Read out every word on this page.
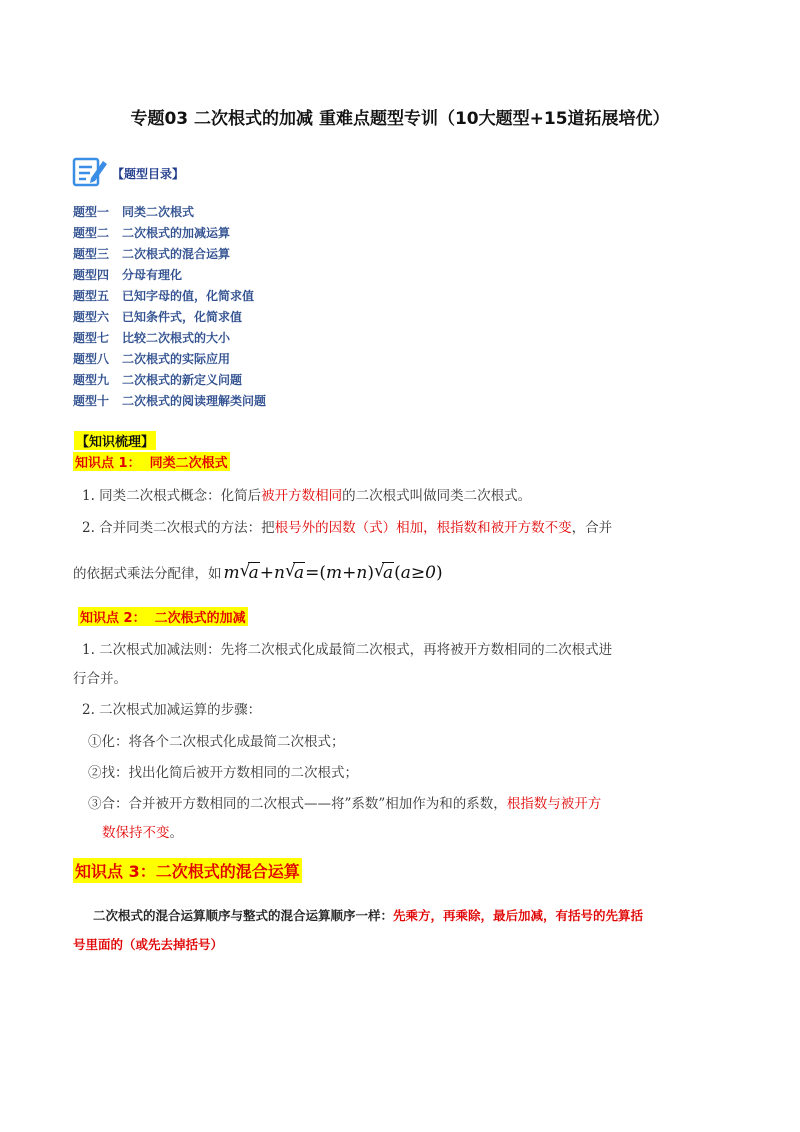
专题03 二次根式的加减 重难点题型专训（10大题型+15道拓展培优）
【题型目录】
题型一 同类二次根式
题型二 二次根式的加减运算
题型三 二次根式的混合运算
题型四 分母有理化
题型五 已知字母的值，化简求值
题型六 已知条件式，化简求值
题型七 比较二次根式的大小
题型八 二次根式的实际应用
题型九 二次根式的新定义问题
题型十 二次根式的阅读理解类问题
【知识梳理】
知识点 1： 同类二次根式
1. 同类二次根式概念：化简后被开方数相同的二次根式叫做同类二次根式。
2. 合并同类二次根式的方法：把根号外的因数（式）相加，根指数和被开方数不变，合并
的依据式乘法分配律，如 m √
a+n √
a=(m+n) √
a(a≥0)
知识点 2： 二次根式的加减
1. 二次根式加减法则：先将二次根式化成最简二次根式，再将被开方数相同的二次根式进
行合并。
2. 二次根式加减运算的步骤：
①化：将各个二次根式化成最简二次根式；
②找：找出化简后被开方数相同的二次根式；
③合：合并被开方数相同的二次根式——将”系数”相加作为和的系数，根指数与被开方
数保持不变。
知识点 3：二次根式的混合运算
二次根式的混合运算顺序与整式的混合运算顺序一样：先乘方，再乘除，最后加减，有括号的先算括
号里面的（或先去掉括号）
